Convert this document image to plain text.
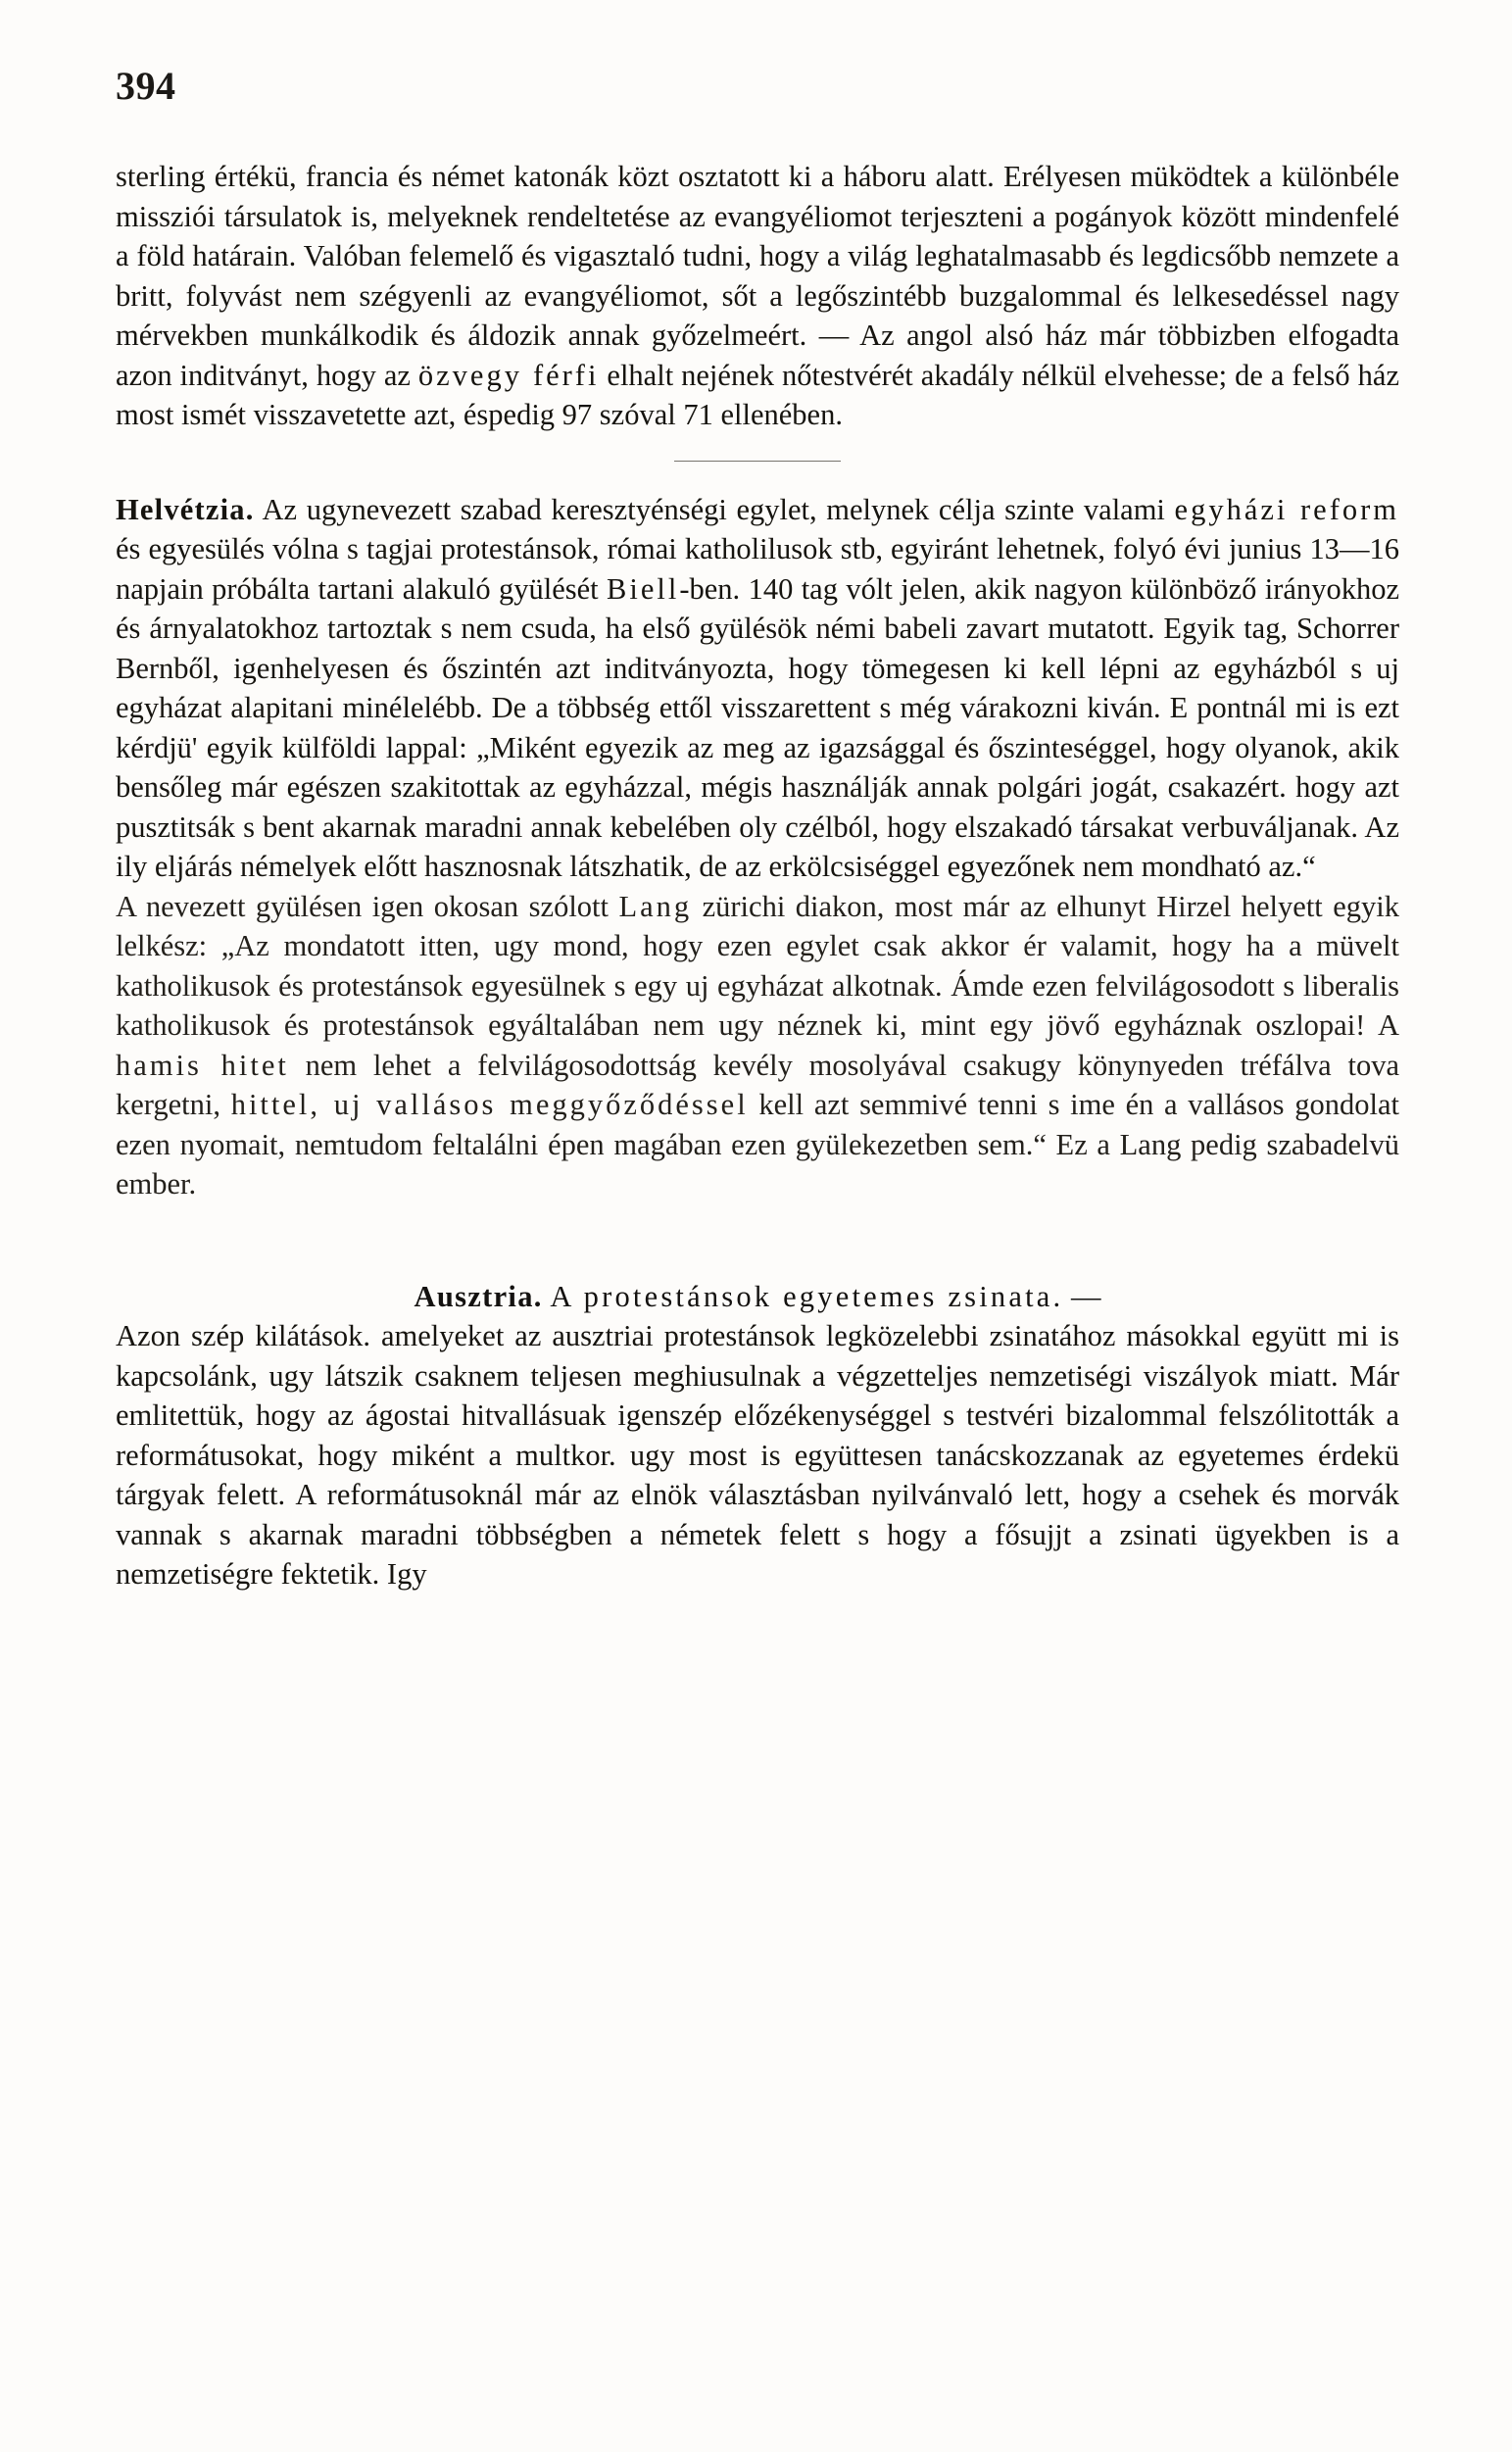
394

sterling értékü, francia és német katonák közt osztatott ki a háboru alatt. Erélyesen müködtek a különbéle missziói társulatok is, melyeknek rendeltetése az evangyéliomot terjeszteni a pogányok között mindenfelé a föld határain. Valóban felemelő és vigasztaló tudni, hogy a világ leghatalmasabb és legdicsőbb nemzete a britt, folyvást nem szégyenli az evangyéliomot, sőt a legőszintébb buzgalommal és lelkesedéssel nagy mérvekben munkálkodik és áldozik annak győzelmeért. — Az angol alsó ház már többizben elfogadta azon inditványt, hogy az özvegy férfi elhalt nejének nőtestvérét akadály nélkül elvehesse; de a felső ház most ismét visszavetette azt, éspedig 97 szóval 71 ellenében.

Helvétzia. Az ugynevezett szabad keresztyénségi egylet, melynek célja szinte valami egyházi reform és egyesülés vólna s tagjai protestánsok, római katholilusok stb, egyiránt lehetnek, folyó évi junius 13—16 napjain próbálta tartani alakuló gyülését Biell-ben. 140 tag vólt jelen, akik nagyon különböző irányokhoz és árnyalatokhoz tartoztak s nem csuda, ha első gyülésök némi babeli zavart mutatott. Egyik tag, Schorrer Bernből, igenhelyesen és őszintén azt inditványozta, hogy tömegesen ki kell lépni az egyházból s uj egyházat alapitani minélelébb. De a többség ettől visszarettent s még várakozni kiván. E pontnál mi is ezt kérdjü' egyik külföldi lappal: „Miként egyezik az meg az igazsággal és őszinteséggel, hogy olyanok, akik bensőleg már egészen szakitottak az egyházzal, mégis használják annak polgári jogát, csakazért. hogy azt pusztitsák s bent akarnak maradni annak kebelében oly czélból, hogy elszakadó társakat verbuváljanak. Az ily eljárás némelyek előtt hasznosnak látszhatik, de az erkölcsiséggel egyezőnek nem mondható az.“

A nevezett gyülésen igen okosan szólott Lang zürichi diakon, most már az elhunyt Hirzel helyett egyik lelkész: „Az mondatott itten, ugy mond, hogy ezen egylet csak akkor ér valamit, hogy ha a müvelt katholikusok és protestánsok egyesülnek s egy uj egyházat alkotnak. Ámde ezen felvilágosodott s liberalis katholikusok és protestánsok egyáltalában nem ugy néznek ki, mint egy jövő egyháznak oszlopai! A hamis hitet nem lehet a felvilágosodottság kevély mosolyával csakugy könynyeden tréfálva tova kergetni, hittel, uj vallásos meggyőződéssel kell azt semmivé tenni s ime én a vallásos gondolat ezen nyomait, nemtudom feltalálni épen magában ezen gyülekezetben sem.“ Ez a Lang pedig szabadelvü ember.

Ausztria. A protestánsok egyetemes zsinata. —

Azon szép kilátások. amelyeket az ausztriai protestánsok legközelebbi zsinatához másokkal együtt mi is kapcsolánk, ugy látszik csaknem teljesen meghiusulnak a végzetteljes nemzetiségi viszályok miatt. Már emlitettük, hogy az ágostai hitvallásuak igenszép előzékenységgel s testvéri bizalommal felszólitották a reformátusokat, hogy miként a multkor. ugy most is együttesen tanácskozzanak az egyetemes érdekü tárgyak felett. A reformátusoknál már az elnök választásban nyilvánvaló lett, hogy a csehek és morvák vannak s akarnak maradni többségben a németek felett s hogy a fősujjt a zsinati ügyekben is a nemzetiségre fektetik. Igy
